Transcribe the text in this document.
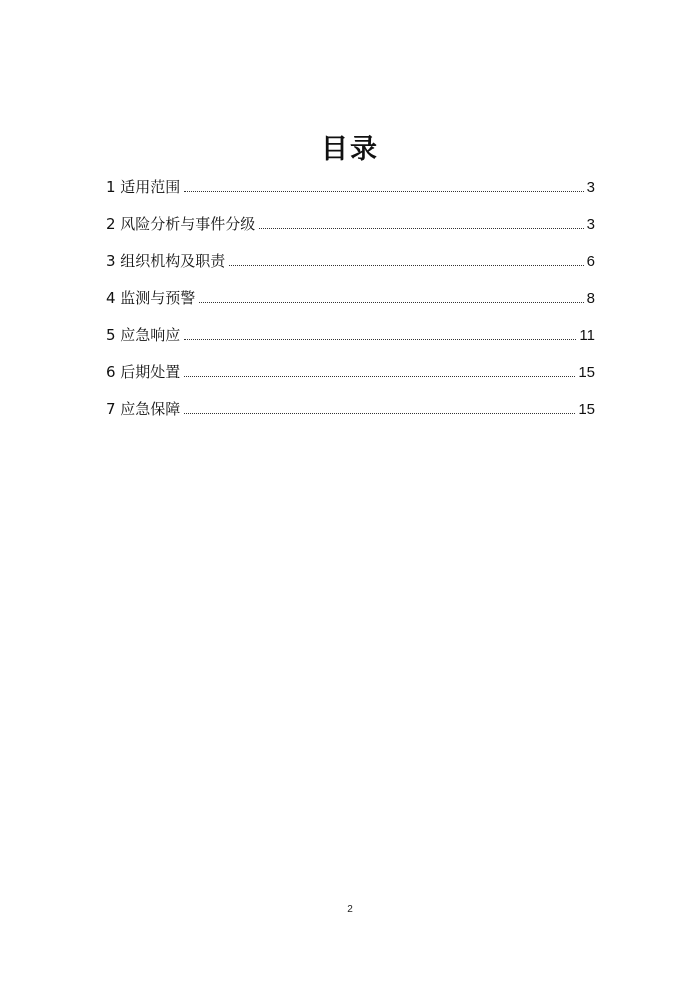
目录
1 适用范围	3
2 风险分析与事件分级	3
3 组织机构及职责	6
4 监测与预警	8
5 应急响应	11
6 后期处置	15
7 应急保障	15
2
